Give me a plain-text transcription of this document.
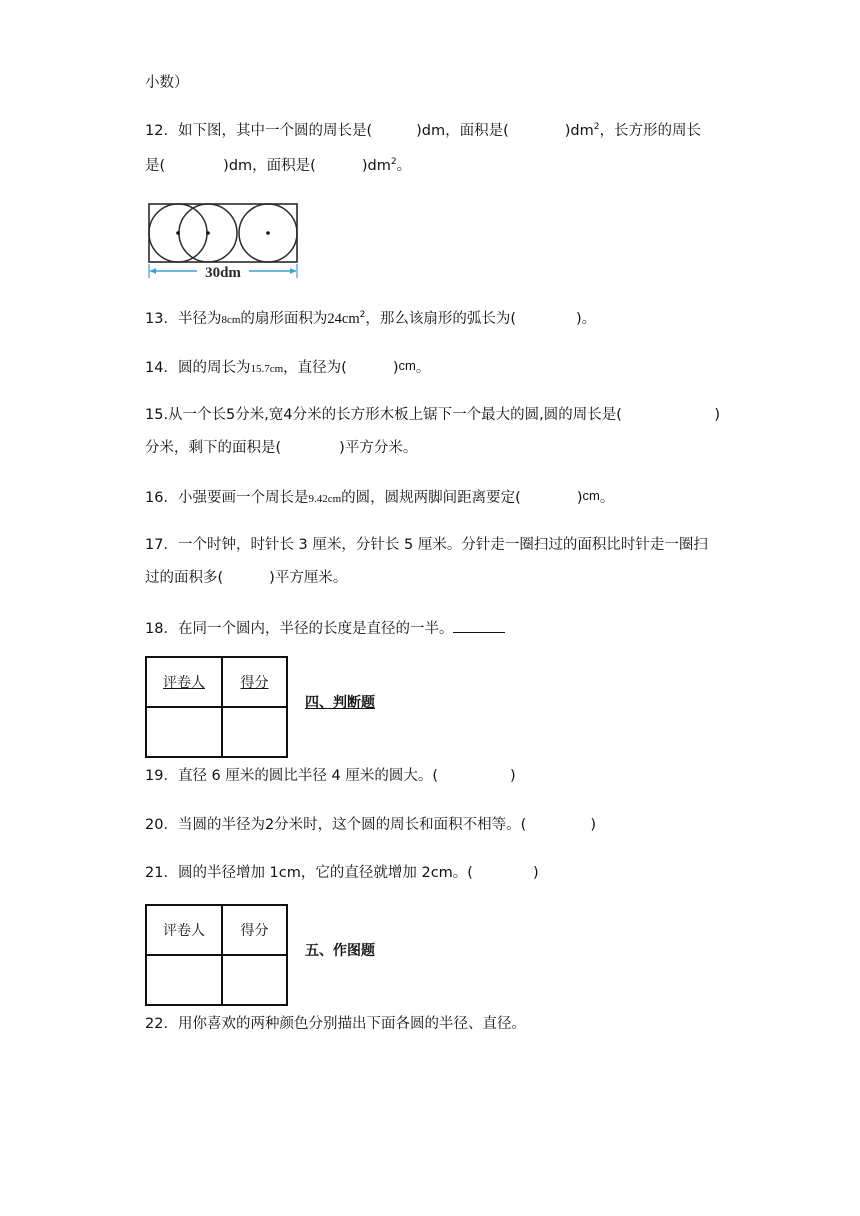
小数）
12．如下图，其中一个圆的周长是(	)dm，面积是(	)$dm^2$，长方形的周长
是(	)dm，面积是(	)$dm^2$。
30dm
13．半径为8cm的扇形面积为$24cm^2$，那么该扇形的弧长为(	)。
14．圆的周长为15.7cm，直径为(	)cm。
15.从一个长5分米,宽4分米的长方形木板上锯下一个最大的圆,圆的周长是(	)
分米，剩下的面积是(	)平方分米。
16．小强要画一个周长是9.42cm的圆，圆规两脚间距离要定(	)cm。
17．一个时钟，时针长 3 厘米，分针长 5 厘米。分针走一圈扫过的面积比时针走一圈扫
过的面积多(	)平方厘米。
18．在同一个圆内，半径的长度是直径的一半。
评卷人	得分

四、判断题
19．直径 6 厘米的圆比半径 4 厘米的圆大。(	)
20．当圆的半径为2分米时，这个圆的周长和面积不相等。(	)
21．圆的半径增加 1cm，它的直径就增加 2cm。(	)
评卷人	得分

五、作图题
22．用你喜欢的两种颜色分别描出下面各圆的半径、直径。
